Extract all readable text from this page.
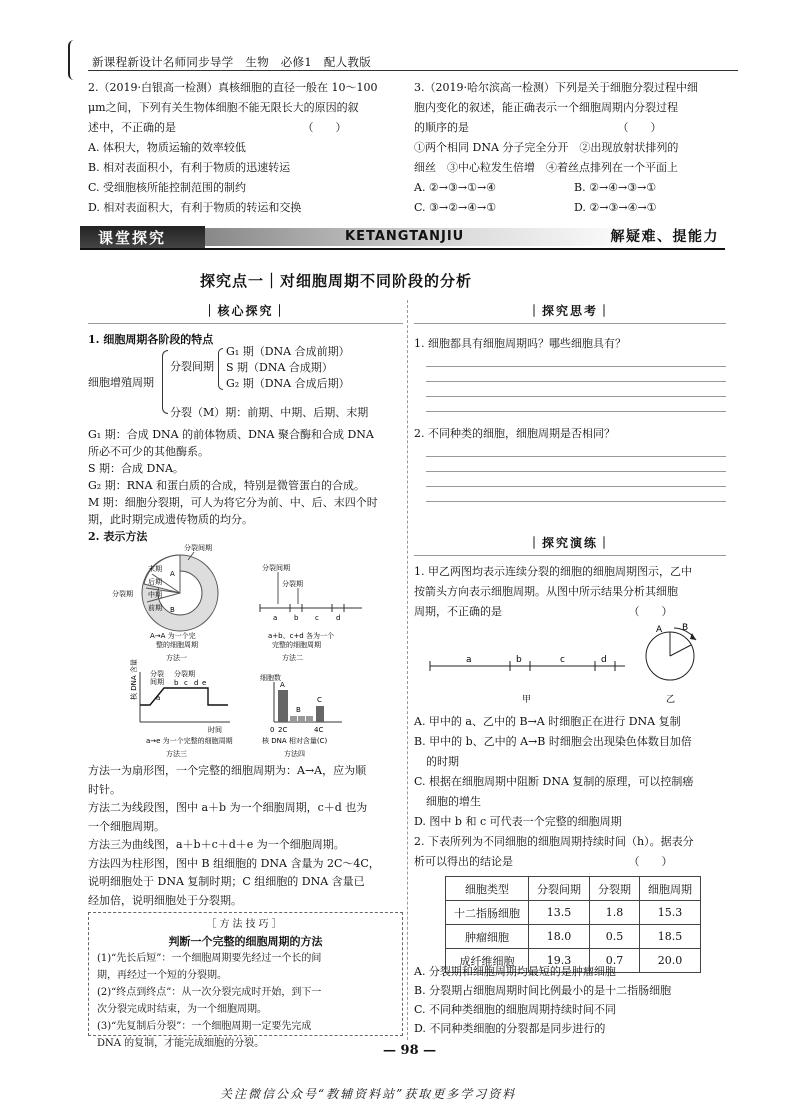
新课程新设计名师同步导学　生物　必修1　配人教版
2.（2019·白银高一检测）真核细胞的直径一般在 10～100
μm之间，下列有关生物体细胞不能无限长大的原因的叙
述中，不正确的是　　　　　　　　　　　　（　　）
A. 体积大，物质运输的效率较低
B. 相对表面积小，有利于物质的迅速转运
C. 受细胞核所能控制范围的制约
D. 相对表面积大，有利于物质的转运和交换
3.（2019·哈尔滨高一检测）下列是关于细胞分裂过程中细
胞内变化的叙述，能正确表示一个细胞周期内分裂过程
的顺序的是　　　　　　　　　　　　　　（　　）
①两个相同 DNA 分子完全分开　②出现放射状排列的
细丝　③中心粒发生倍增　④着丝点排列在一个平面上
A. ②→③→①→④	B. ②→④→③→①
C. ③→②→④→①	D. ②→③→④→①
课堂探究	KETANGTANJIU	解疑难、提能力
探究点一｜对细胞周期不同阶段的分析
｜核心探究｜
1. 细胞周期各阶段的特点
细胞增殖周期
分裂间期
G₁ 期（DNA 合成前期）
S 期（DNA 合成期）
G₂ 期（DNA 合成后期）
分裂（M）期：前期、中期、后期、末期
G₁ 期：合成 DNA 的前体物质、DNA 聚合酶和合成 DNA
所必不可少的其他酶系。
S 期：合成 DNA。
G₂ 期：RNA 和蛋白质的合成，特别是微管蛋白的合成。
M 期：细胞分裂期，可人为将它分为前、中、后、末四个时
期，此时期完成遗传物质的均分。
2. 表示方法
分裂间期
分裂期
末期
后期
中期
前期
A
B
A→A 为一个完
整的细胞周期
方法一
分裂间期
分裂期
a b c d
a+b、c+d 各为一个
完整的细胞周期
方法二
核 DNA 含量 分裂
间期
分裂期
a
b c d e
时间
a→e 为一个完整的细胞周期
方法三
细胞数
A
B
C
0 2C	4C
核 DNA 相对含量(C)
方法四
方法一为扇形图，一个完整的细胞周期为：A→A，应为顺
时针。
方法二为线段图，图中 a＋b 为一个细胞周期，c＋d 也为
一个细胞周期。
方法三为曲线图，a＋b＋c＋d＋e 为一个细胞周期。
方法四为柱形图，图中 B 组细胞的 DNA 含量为 2C～4C，
说明细胞处于 DNA 复制时期；C 组细胞的 DNA 含量已
经加倍，说明细胞处于分裂期。
［方法技巧］
判断一个完整的细胞周期的方法
(1)“先长后短”：一个细胞周期要先经过一个长的间
期，再经过一个短的分裂期。
(2)“终点到终点”：从一次分裂完成时开始，到下一
次分裂完成时结束，为一个细胞周期。
(3)“先复制后分裂”：一个细胞周期一定要先完成
DNA 的复制，才能完成细胞的分裂。
｜探究思考｜
1. 细胞都具有细胞周期吗？哪些细胞具有？
2. 不同种类的细胞，细胞周期是否相同？
｜探究演练｜
1. 甲乙两图均表示连续分裂的细胞的细胞周期图示，乙中
按箭头方向表示细胞周期。从图中所示结果分析其细胞
周期，不正确的是　　　　　　　　　　　　（　　）
a	b	c	d
甲
A B
乙
A. 甲中的 a、乙中的 B→A 时细胞正在进行 DNA 复制
B. 甲中的 b、乙中的 A→B 时细胞会出现染色体数目加倍
的时期
C. 根据在细胞周期中阻断 DNA 复制的原理，可以控制癌
细胞的增生
D. 图中 b 和 c 可代表一个完整的细胞周期
2. 下表所列为不同细胞的细胞周期持续时间（h）。据表分
析可以得出的结论是　　　　　　　　　　　（　　）
细胞类型	分裂间期	分裂期	细胞周期
十二指肠细胞	13.5	1.8	15.3
肿瘤细胞	18.0	0.5	18.5
成纤维细胞	19.3	0.7	20.0
A. 分裂期和细胞周期均最短的是肿瘤细胞
B. 分裂期占细胞周期时间比例最小的是十二指肠细胞
C. 不同种类细胞的细胞周期持续时间不同
D. 不同种类细胞的分裂都是同步进行的
— 98 —
关注微信公众号“教辅资料站”获取更多学习资料
